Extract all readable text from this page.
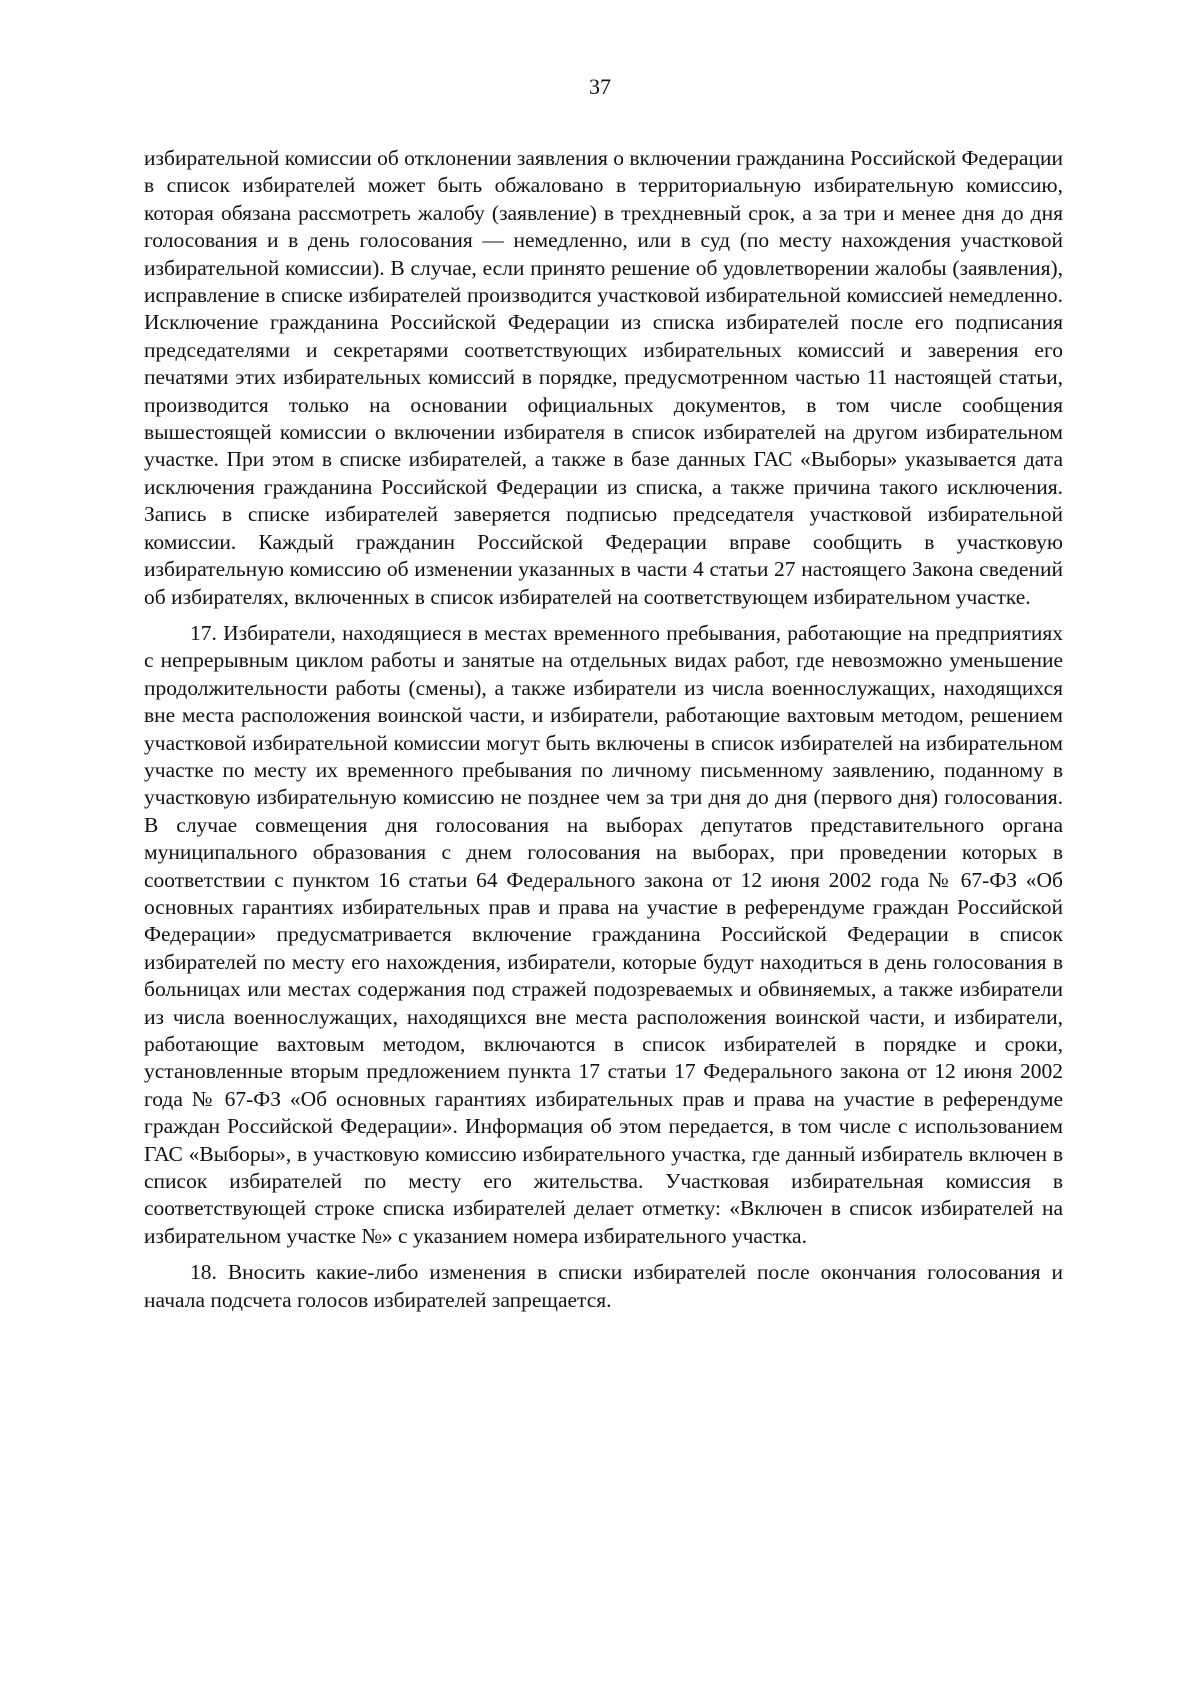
37

избирательной комиссии об отклонении заявления о включении гражданина Российской Федерации в список избирателей может быть обжаловано в территориальную избирательную комиссию, которая обязана рассмотреть жалобу (заявление) в трехдневный срок, а за три и менее дня до дня голосования и в день голосования — немедленно, или в суд (по месту нахождения участковой избирательной комиссии). В случае, если принято решение об удовлетворении жалобы (заявления), исправление в списке избирателей производится участковой избирательной комиссией немедленно. Исключение гражданина Российской Федерации из списка избирателей после его подписания председателями и секретарями соответствующих избирательных комиссий и заверения его печатями этих избирательных комиссий в порядке, предусмотренном частью 11 настоящей статьи, производится только на основании официальных документов, в том числе сообщения вышестоящей комиссии о включении избирателя в список избирателей на другом избирательном участке. При этом в списке избирателей, а также в базе данных ГАС «Выборы» указывается дата исключения гражданина Российской Федерации из списка, а также причина такого исключения. Запись в списке избирателей заверяется подписью председателя участковой избирательной комиссии. Каждый гражданин Российской Федерации вправе сообщить в участковую избирательную комиссию об изменении указанных в части 4 статьи 27 настоящего Закона сведений об избирателях, включенных в список избирателей на соответствующем избирательном участке.

17. Избиратели, находящиеся в местах временного пребывания, работающие на предприятиях с непрерывным циклом работы и занятые на отдельных видах работ, где невозможно уменьшение продолжительности работы (смены), а также избиратели из числа военнослужащих, находящихся вне места расположения воинской части, и избиратели, работающие вахтовым методом, решением участковой избирательной комиссии могут быть включены в список избирателей на избирательном участке по месту их временного пребывания по личному письменному заявлению, поданному в участковую избирательную комиссию не позднее чем за три дня до дня (первого дня) голосования. В случае совмещения дня голосования на выборах депутатов представительного органа муниципального образования с днем голосования на выборах, при проведении которых в соответствии с пунктом 16 статьи 64 Федерального закона от 12 июня 2002 года № 67-ФЗ «Об основных гарантиях избирательных прав и права на участие в референдуме граждан Российской Федерации» предусматривается включение гражданина Российской Федерации в список избирателей по месту его нахождения, избиратели, которые будут находиться в день голосования в больницах или местах содержания под стражей подозреваемых и обвиняемых, а также избиратели из числа военнослужащих, находящихся вне места расположения воинской части, и избиратели, работающие вахтовым методом, включаются в список избирателей в порядке и сроки, установленные вторым предложением пункта 17 статьи 17 Федерального закона от 12 июня 2002 года № 67-ФЗ «Об основных гарантиях избирательных прав и права на участие в референдуме граждан Российской Федерации». Информация об этом передается, в том числе с использованием ГАС «Выборы», в участковую комиссию избирательного участка, где данный избиратель включен в список избирателей по месту его жительства. Участковая избирательная комиссия в соответствующей строке списка избирателей делает отметку: «Включен в список избирателей на избирательном участке №» с указанием номера избирательного участка.

18. Вносить какие-либо изменения в списки избирателей после окончания голосования и начала подсчета голосов избирателей запрещается.
